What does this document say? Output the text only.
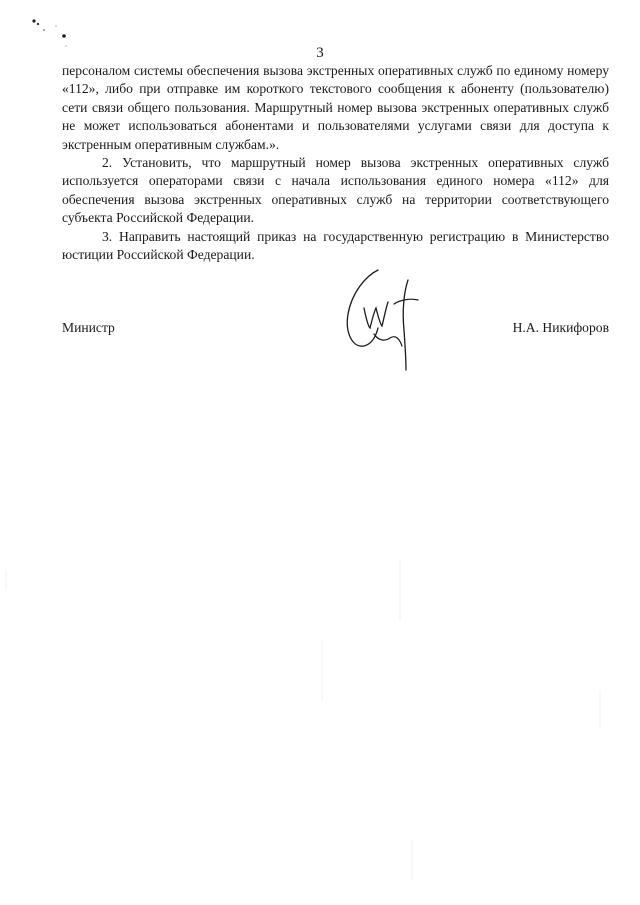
3

персоналом системы обеспечения вызова экстренных оперативных служб по единому номеру «112», либо при отправке им короткого текстового сообщения к абоненту (пользователю) сети связи общего пользования. Маршрутный номер вызова экстренных оперативных служб не может использоваться абонентами и пользователями услугами связи для доступа к экстренным оперативным службам.».

2. Установить, что маршрутный номер вызова экстренных оперативных служб используется операторами связи с начала использования единого номера «112» для обеспечения вызова экстренных оперативных служб на территории соответствующего субъекта Российской Федерации.

3. Направить настоящий приказ на государственную регистрацию в Министерство юстиции Российской Федерации.

Министр	Н.А. Никифоров
